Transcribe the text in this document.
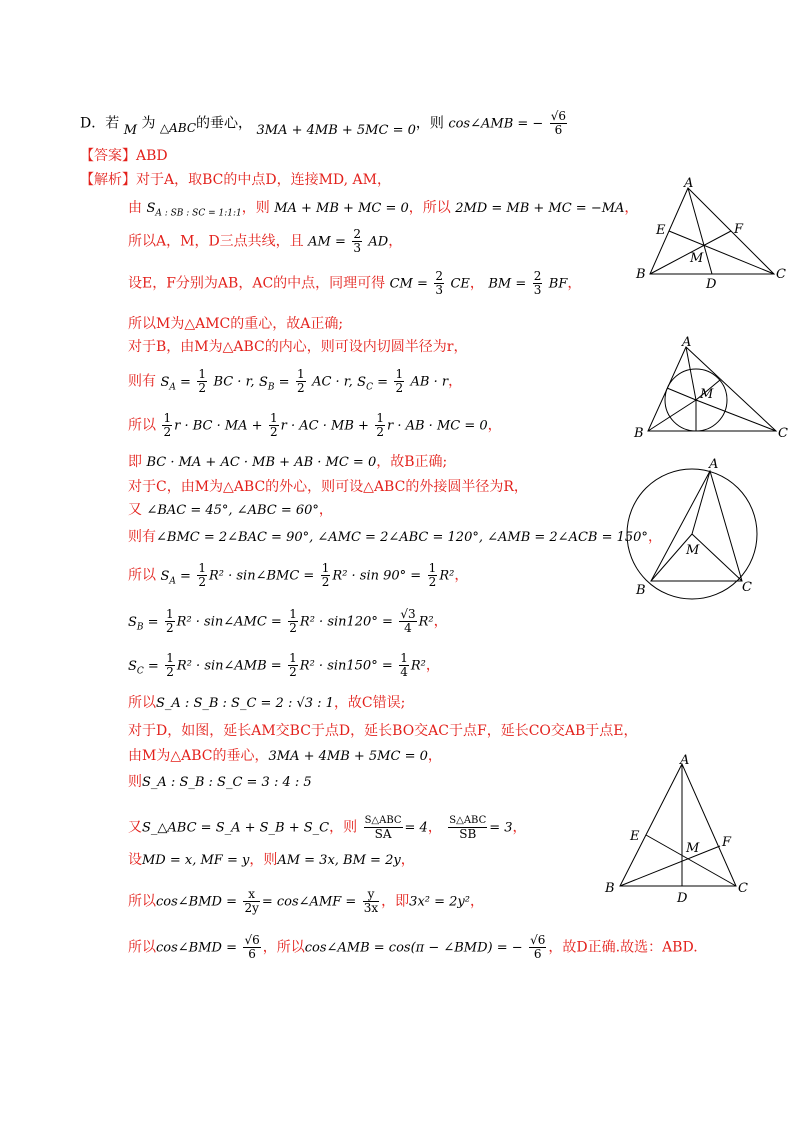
D．若 M 为 △ABC的垂心， 3MA + 4MB + 5MC = 0，则 cos∠AMB = − $\frac{√6}{6}$
【答案】ABD
【解析】对于A，取BC的中点D，连接MD, AM，
由 $S_{A : SB : SC = 1:1:1}$，则 MA + MB + MC = 0，所以 2MD = MB + MC = −MA，
所以A，M，D三点共线，且 AM = $\frac{2}{3}$ AD，
设E，F分别为AB，AC的中点，同理可得 CM = $\frac{2}{3}$ CE， BM = $\frac{2}{3}$ BF，
所以M为△AMC的重心，故A正确;
对于B，由M为△ABC的内心，则可设内切圆半径为r，
则有 $S_A = \frac{1}{2}$ BC · r, $S_B = \frac{1}{2}$ AC · r, $S_C = \frac{1}{2}$ AB · r，
所以 $\frac{1}{2}$ r · BC · MA + $\frac{1}{2}$ r · AC · MB + $\frac{1}{2}$ r · AB · MC = 0，
即 BC · MA + AC · MB + AB · MC = 0，故B正确;
对于C，由M为△ABC的外心，则可设△ABC的外接圆半径为R，
又 ∠BAC = 45°, ∠ABC = 60°，
则有∠BMC = 2∠BAC = 90°, ∠AMC = 2∠ABC = 120°, ∠AMB = 2∠ACB = 150°，
所以 $S_A = \frac{1}{2} R^2$ · sin∠BMC = $\frac{1}{2} R^2 \cdot \sin 90^\circ = \frac{1}{2} R^2$，
$S_B = \frac{1}{2} R^2$ · sin∠AMC = $\frac{1}{2} R^2 \cdot \sin 120^\circ = \frac{√3}{4} R^2$，
$S_C = \frac{1}{2} R^2$ · sin∠AMB = $\frac{1}{2} R^2 \cdot \sin 150^\circ = \frac{1}{4} R^2$，
所以S_A : S_B : S_C = 2 : √3 : 1，故C错误;
对于D，如图，延长AM交BC于点D，延长BO交AC于点F，延长CO交AB于点E，
由M为△ABC的垂心，3MA + 4MB + 5MC = 0，
则S_A : S_B : S_C = 3 : 4 : 5
又S_△ABC = S_A + S_B + S_C，则 $\frac{\text{S△ABC}}{SA} = 4$， $\frac{\text{S△ABC}}{SB} = 3$，
设MD = x, MF = y，则AM = 3x, BM = 2y，
所以cos∠BMD = $\frac{x}{2y}$ = cos∠AMF = $\frac{y}{3x}$ ，即3x² = 2y²，
所以cos∠BMD = $\frac{√6}{6}$ ，所以cos∠AMB = cos(π − ∠BMD) = − $\frac{√6}{6}$ ，故D正确.故选：ABD.
A
E	F
M
B
D
C
A
M
B	C
A
M
B	C
A
E	F
M
B
D
C
